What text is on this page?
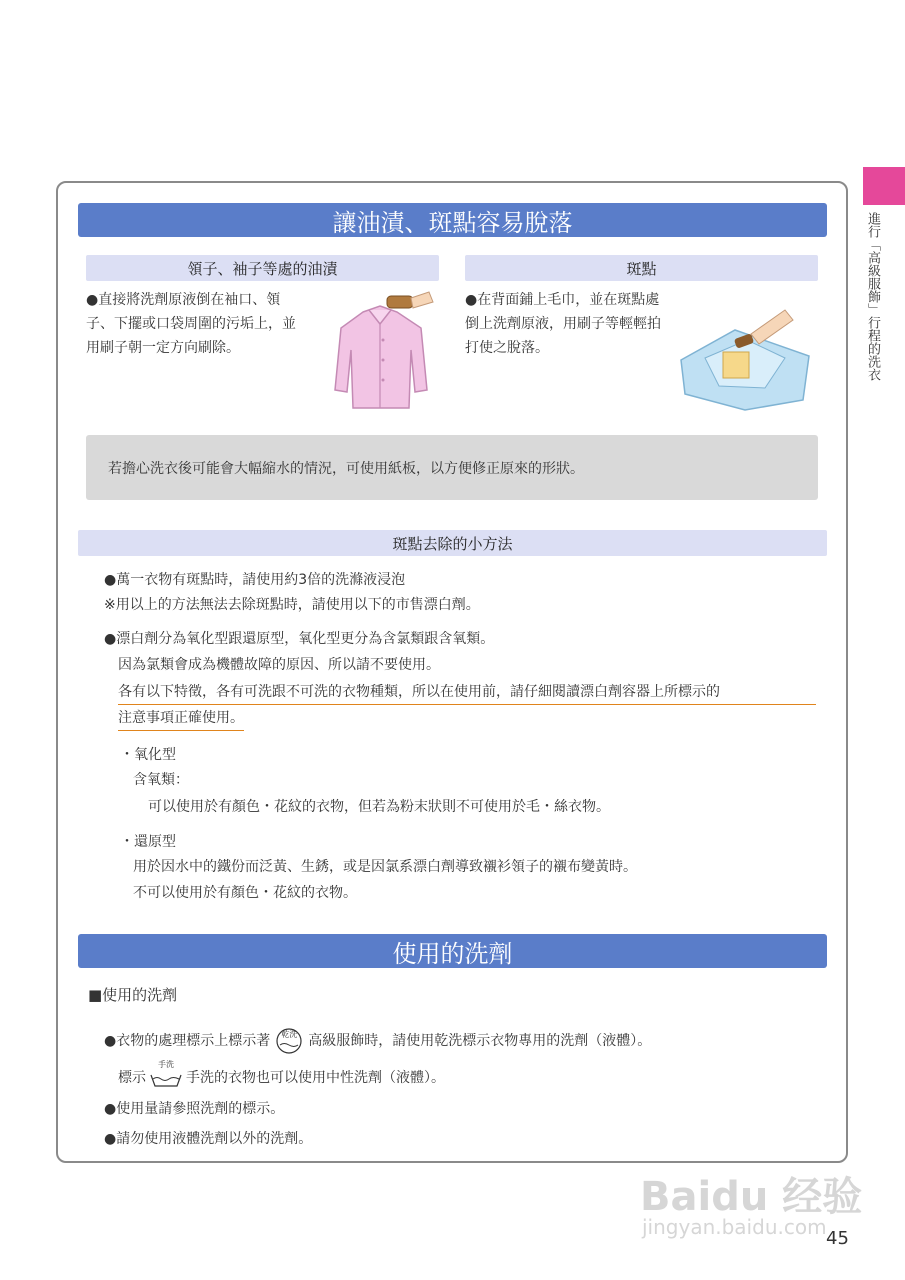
進行「高級服飾」行程的洗衣
讓油漬、斑點容易脫落
領子、袖子等處的油漬	斑點
●直接將洗劑原液倒在袖口、領子、下擺或口袋周圍的污垢上，並用刷子朝一定方向刷除。
●在背面鋪上毛巾，並在斑點處倒上洗劑原液，用刷子等輕輕拍打使之脫落。
若擔心洗衣後可能會大幅縮水的情況，可使用紙板，以方便修正原來的形狀。
斑點去除的小方法
●萬一衣物有斑點時，請使用約3倍的洗滌液浸泡
※用以上的方法無法去除斑點時，請使用以下的市售漂白劑。
●漂白劑分為氧化型跟還原型，氧化型更分為含氯類跟含氧類。
因為氯類會成為機體故障的原因、所以請不要使用。
各有以下特徵，各有可洗跟不可洗的衣物種類，所以在使用前，請仔細閱讀漂白劑容器上所標示的
注意事項正確使用。
・氧化型
含氧類：
可以使用於有顏色・花紋的衣物，但若為粉末狀則不可使用於毛・絲衣物。
・還原型
用於因水中的鐵份而泛黃、生銹，或是因氯系漂白劑導致襯衫領子的襯布變黃時。
不可以使用於有顏色・花紋的衣物。
使用的洗劑
■使用的洗劑
●衣物的處理標示上標示著	乾洗 高級服飾時，請使用乾洗標示衣物專用的洗劑（液體）。
標示
手洗
手洗的衣物也可以使用中性洗劑（液體）。
●使用量請參照洗劑的標示。
●請勿使用液體洗劑以外的洗劑。
Baidu 经验
jingyan.baidu.com 45
